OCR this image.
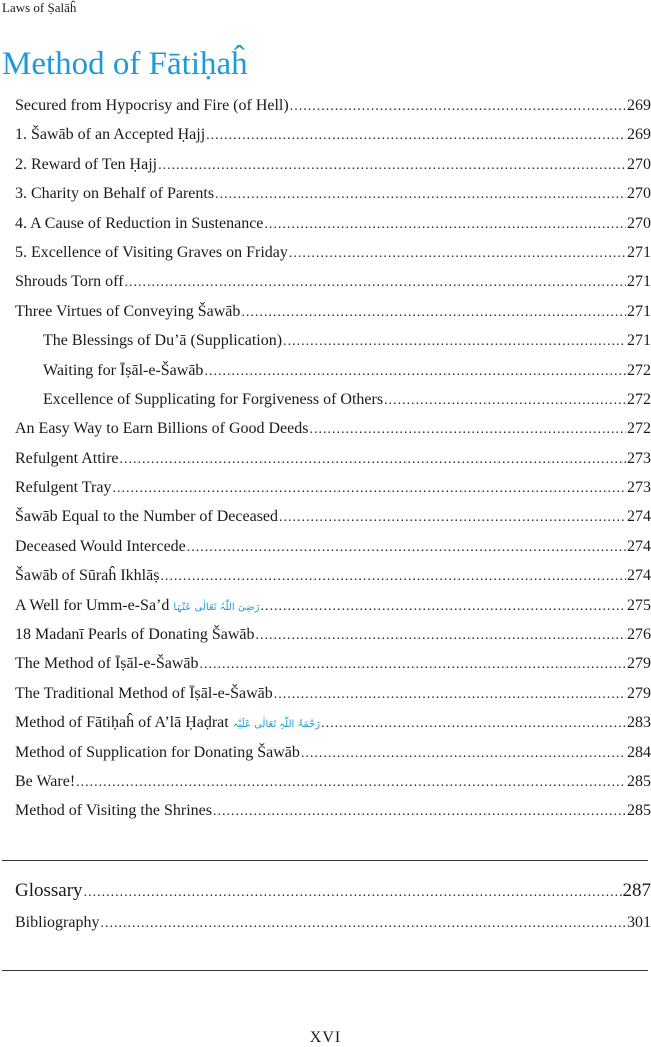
Laws of Ṣalāĥ
Method of Fātiḥaĥ
Secured from Hypocrisy and Fire (of Hell) .....	269
1. Šawāb of an Accepted Ḥajj .....	269
2. Reward of Ten Ḥajj .....	270
3. Charity on Behalf of Parents .....	270
4. A Cause of Reduction in Sustenance .....	270
5. Excellence of Visiting Graves on Friday .....	271
Shrouds Torn off .....	271
Three Virtues of Conveying Šawāb .....	271
The Blessings of Du’ā (Supplication) .....	271
Waiting for Īṣāl-e-Šawāb .....	272
Excellence of Supplicating for Forgiveness of Others .....	272
An Easy Way to Earn Billions of Good Deeds .....	272
Refulgent Attire .....	273
Refulgent Tray .....	273
Šawāb Equal to the Number of Deceased .....	274
Deceased Would Intercede .....	274
Šawāb of Sūraĥ Ikhlāṣ .....	274
A Well for Umm-e-Sa’d رَضِیَ اللّٰہُ تَعَالٰی عَنْہَا .....	275
18 Madanī Pearls of Donating Šawāb .....	276
The Method of Īṣāl-e-Šawāb .....	279
The Traditional Method of Īṣāl-e-Šawāb .....	279
Method of Fātiḥaĥ of A’lā Ḥaḍrat رَحْمَۃُ اللّٰہِ تَعَالٰی عَلَیْہ .....	283
Method of Supplication for Donating Šawāb .....	284
Be Ware! .....	285
Method of Visiting the Shrines .....	285
Glossary .....	287
Bibliography .....	301
XVI
